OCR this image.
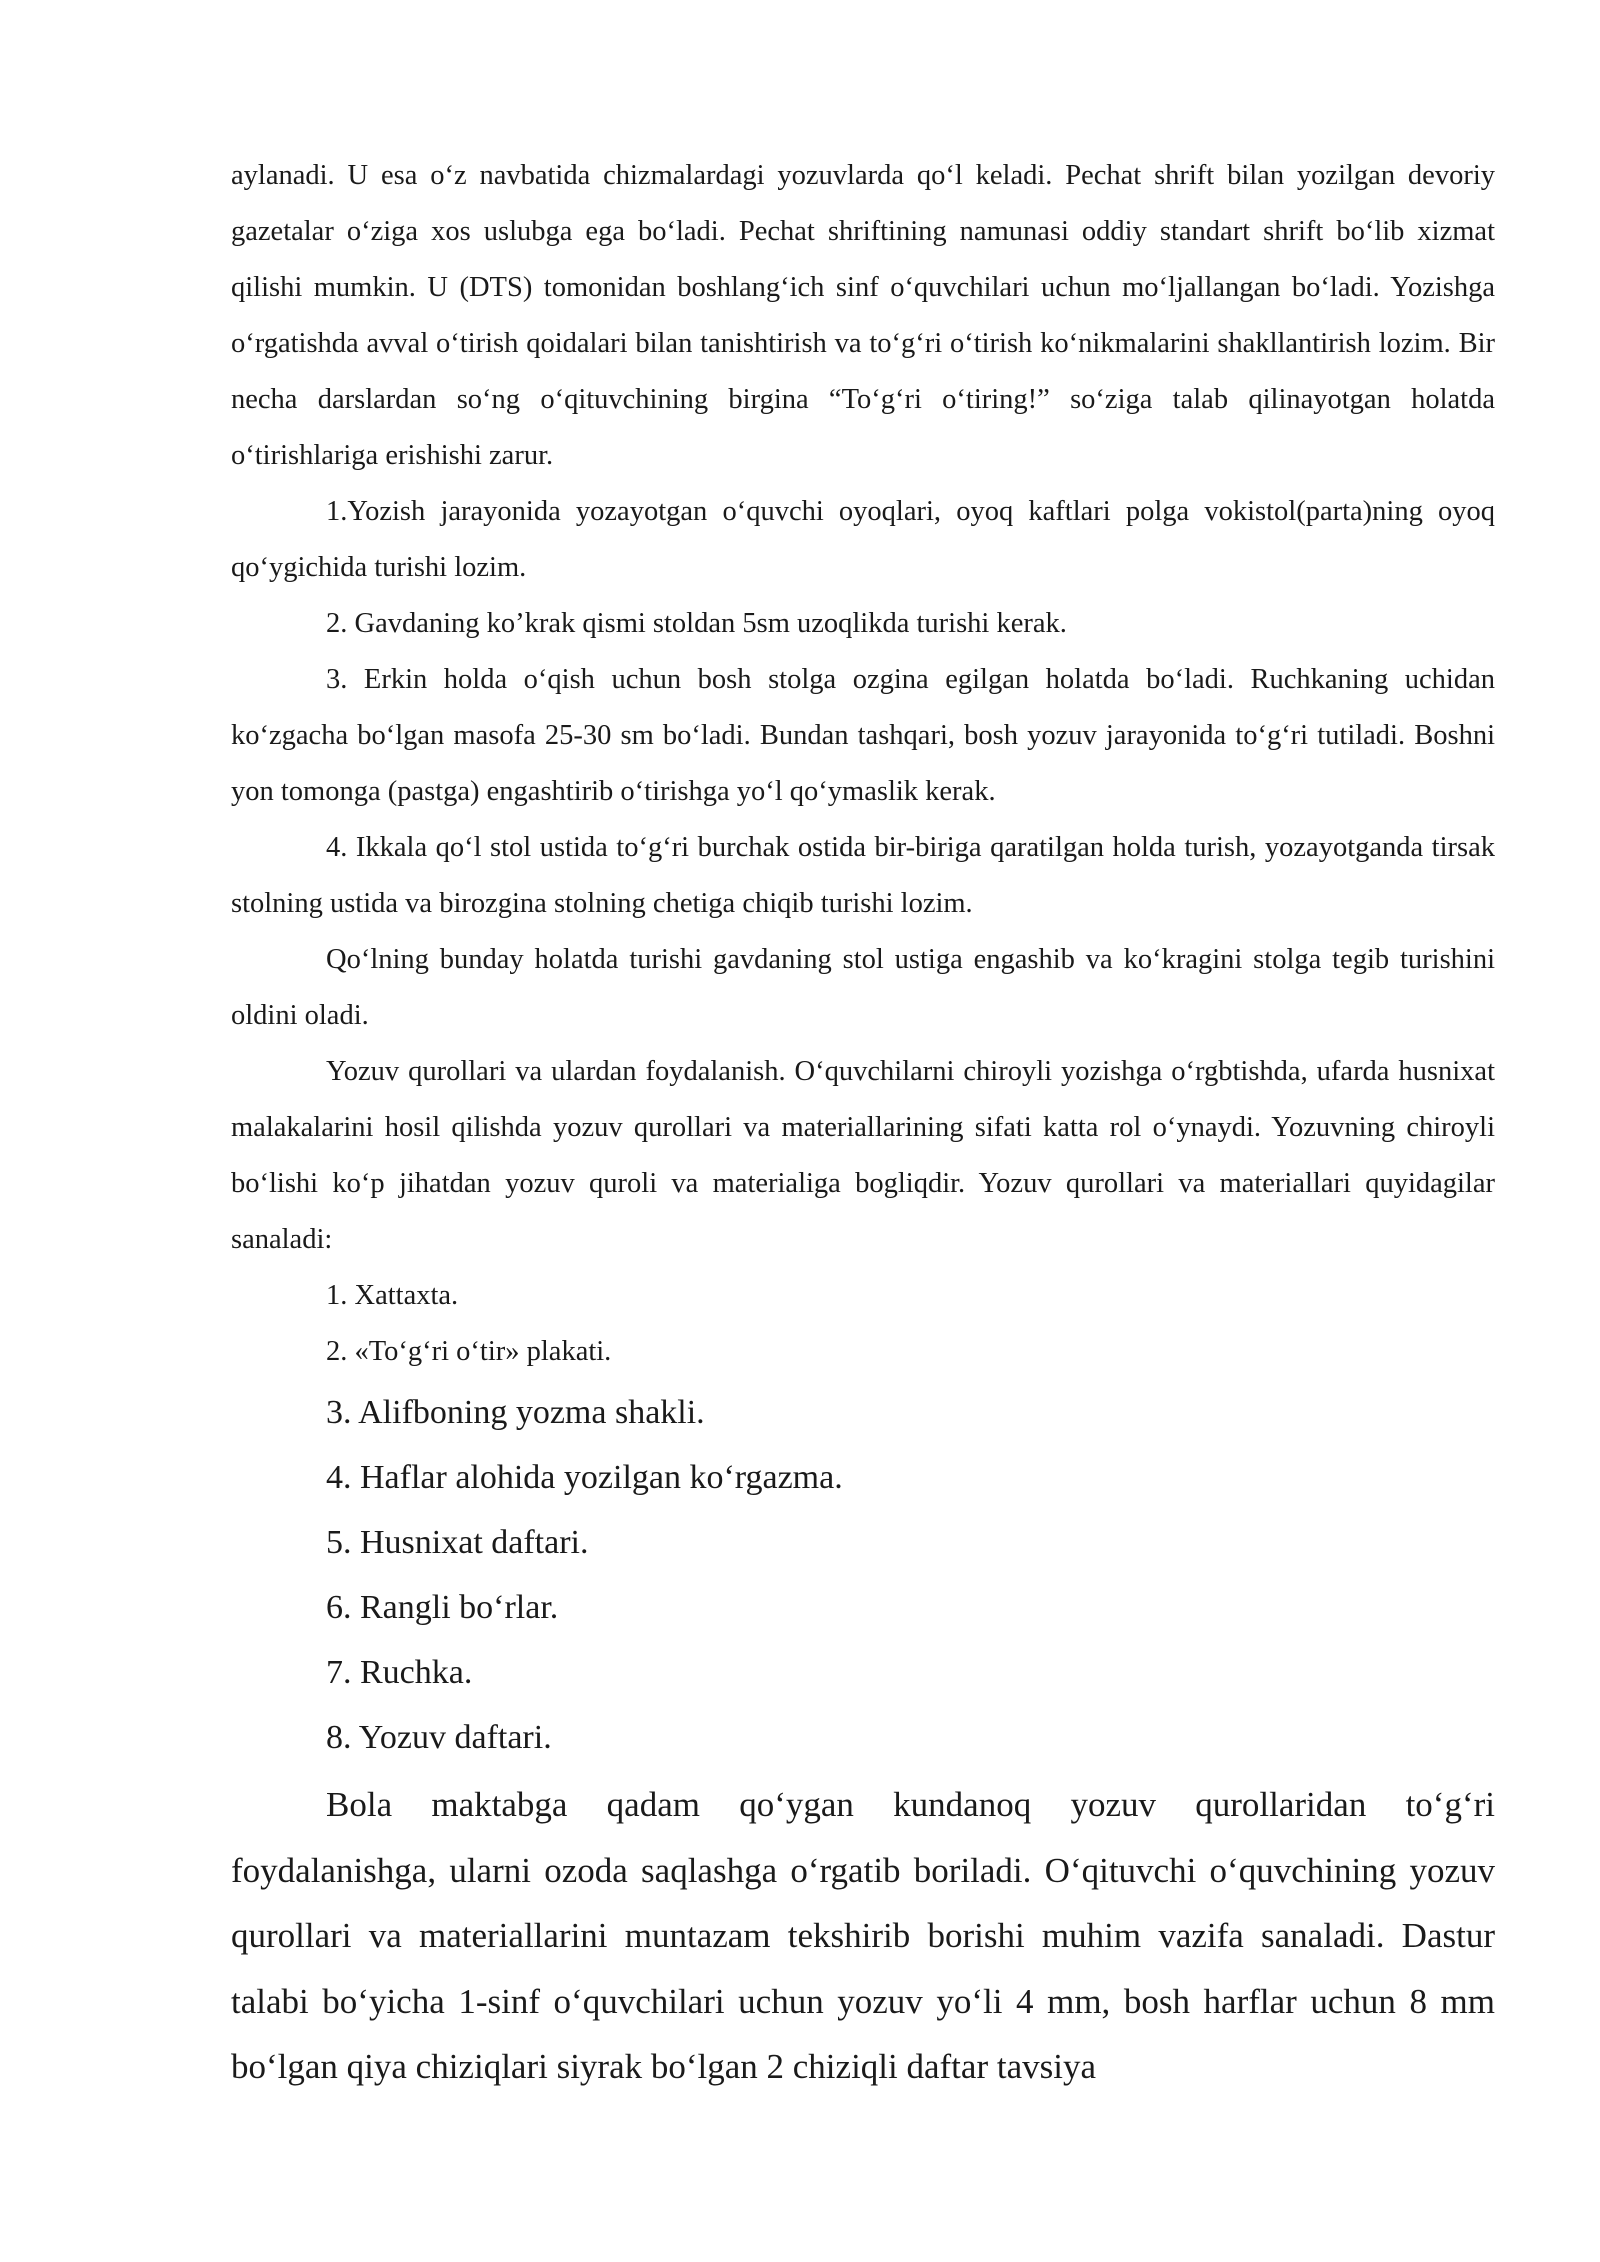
aylanadi. U esa o‘z navbatida chizmalardagi yozuvlarda qo‘l keladi. Pechat shrift bilan yozilgan devoriy gazetalar o‘ziga xos uslubga ega bo‘ladi. Pechat shriftining namunasi oddiy standart shrift bo‘lib xizmat qilishi mumkin. U (DTS) tomonidan boshlang‘ich sinf o‘quvchilari uchun mo‘ljallangan bo‘ladi. Yozishga o‘rgatishda avval o‘tirish qoidalari bilan tanishtirish va to‘g‘ri o‘tirish ko‘nikmalarini shakllantirish lozim. Bir necha darslardan so‘ng o‘qituvchining birgina “To‘g‘ri o‘tiring!” so‘ziga talab qilinayotgan holatda o‘tirishlariga erishishi zarur.

1.Yozish jarayonida yozayotgan o‘quvchi oyoqlari, oyoq kaftlari polga vokistol(parta)ning oyoq qo‘ygichida turishi lozim.

2. Gavdaning ko’krak qismi stoldan 5sm uzoqlikda turishi kerak.

3. Erkin holda o‘qish uchun bosh stolga ozgina egilgan holatda bo‘ladi. Ruchkaning uchidan ko‘zgacha bo‘lgan masofa 25-30 sm bo‘ladi. Bundan tashqari, bosh yozuv jarayonida to‘g‘ri tutiladi. Boshni yon tomonga (pastga) engashtirib o‘tirishga yo‘l qo‘ymaslik kerak.

4. Ikkala qo‘l stol ustida to‘g‘ri burchak ostida bir-biriga qaratilgan holda turish, yozayotganda tirsak stolning ustida va birozgina stolning chetiga chiqib turishi lozim.

Qo‘lning bunday holatda turishi gavdaning stol ustiga engashib va ko‘kragini stolga tegib turishini oldini oladi.

Yozuv qurollari va ulardan foydalanish. O‘quvchilarni chiroyli yozishga o‘rgbtishda, ufarda husnixat malakalarini hosil qilishda yozuv qurollari va materiallarining sifati katta rol o‘ynaydi. Yozuvning chiroyli bo‘lishi ko‘p jihatdan yozuv quroli va materialiga bogliqdir. Yozuv qurollari va materiallari quyidagilar sanaladi:

1. Xattaxta.
2. «To‘g‘ri o‘tir» plakati.
3. Alifboning yozma shakli.
4. Haflar alohida yozilgan ko‘rgazma.
5. Husnixat daftari.
6. Rangli bo‘rlar.
7. Ruchka.
8. Yozuv daftari.

Bola maktabga qadam qo‘ygan kundanoq yozuv qurollaridan to‘g‘ri foydalanishga, ularni ozoda saqlashga o‘rgatib boriladi. O‘qituvchi o‘quvchining yozuv qurollari va materiallarini muntazam tekshirib borishi muhim vazifa sanaladi. Dastur talabi bo‘yicha 1-sinf o‘quvchilari uchun yozuv yo‘li 4 mm, bosh harflar uchun 8 mm bo‘lgan qiya chiziqlari siyrak bo‘lgan 2 chiziqli daftar tavsiya
